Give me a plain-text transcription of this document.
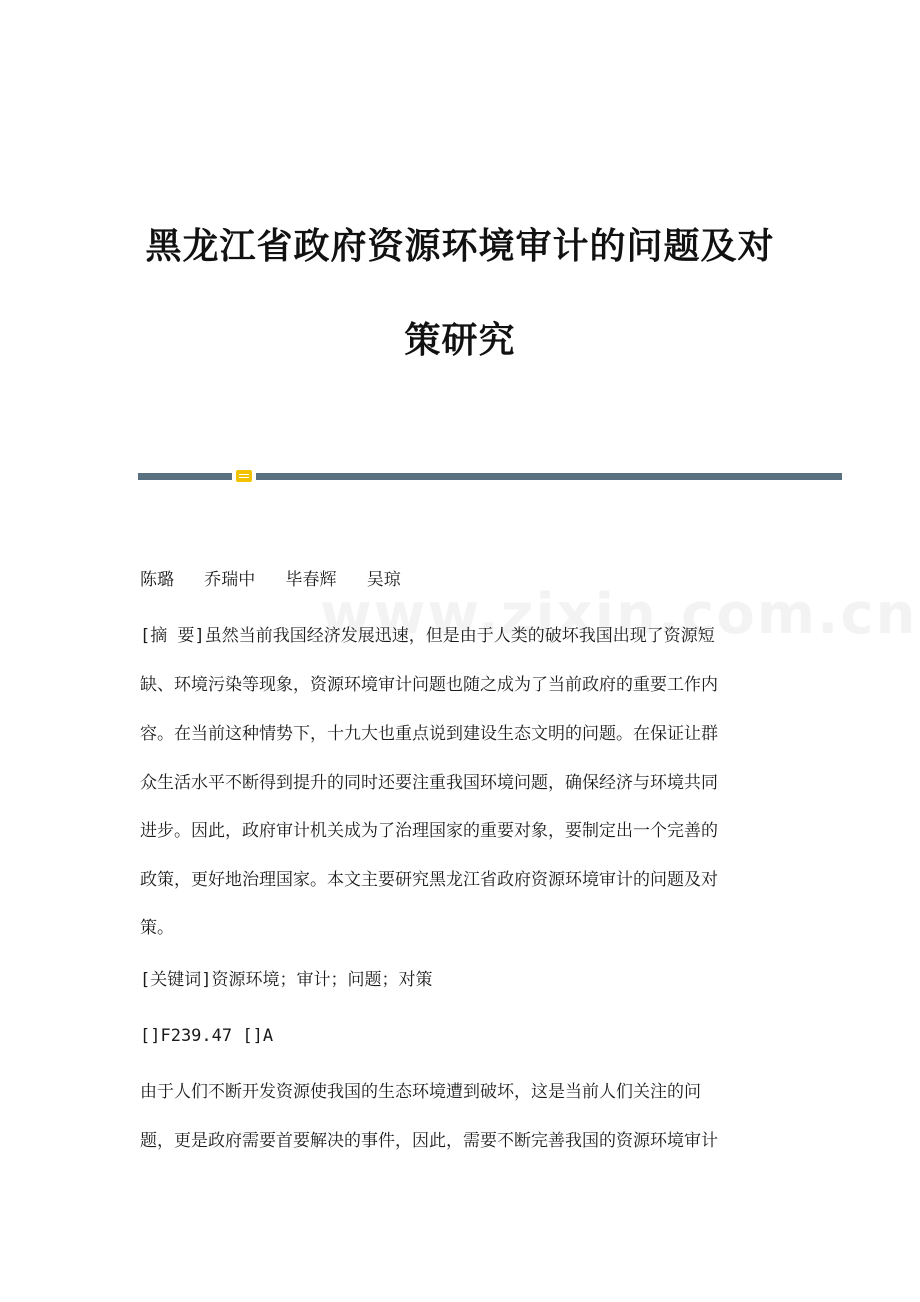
黑龙江省政府资源环境审计的问题及对
策研究
陈璐 乔瑞中 毕春辉 吴琼
[摘 要]虽然当前我国经济发展迅速，但是由于人类的破坏我国出现了资源短
缺、环境污染等现象，资源环境审计问题也随之成为了当前政府的重要工作内
容。在当前这种情势下，十九大也重点说到建设生态文明的问题。在保证让群
众生活水平不断得到提升的同时还要注重我国环境问题，确保经济与环境共同
进步。因此，政府审计机关成为了治理国家的重要对象，要制定出一个完善的
政策，更好地治理国家。本文主要研究黑龙江省政府资源环境审计的问题及对
策。
[关键词]资源环境；审计；问题；对策
[]F239.47 []A
由于人们不断开发资源使我国的生态环境遭到破坏，这是当前人们关注的问
题，更是政府需要首要解决的事件，因此，需要不断完善我国的资源环境审计
